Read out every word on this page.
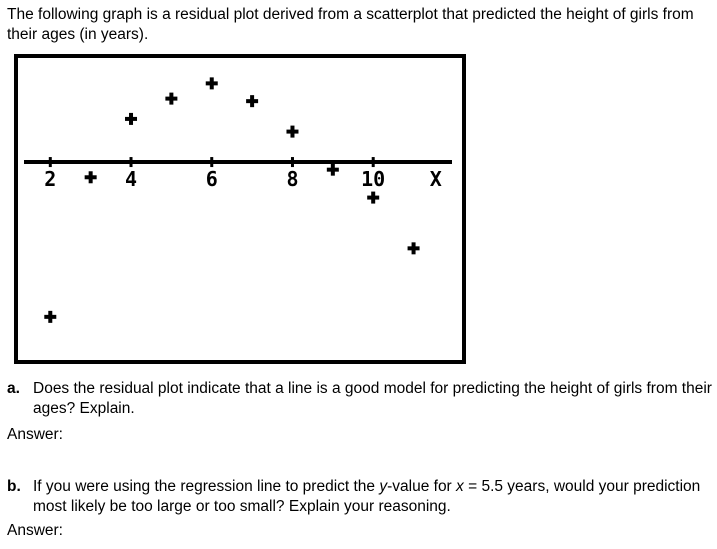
The following graph is a residual plot derived from a scatterplot that predicted the height of girls from their ages (in years).

2	4	6	8	10 X
a. Does the residual plot indicate that a line is a good model for predicting the height of girls from their ages? Explain.
Answer:
b. If you were using the regression line to predict the y-value for x = 5.5 years, would your prediction most likely be too large or too small? Explain your reasoning.
Answer:
